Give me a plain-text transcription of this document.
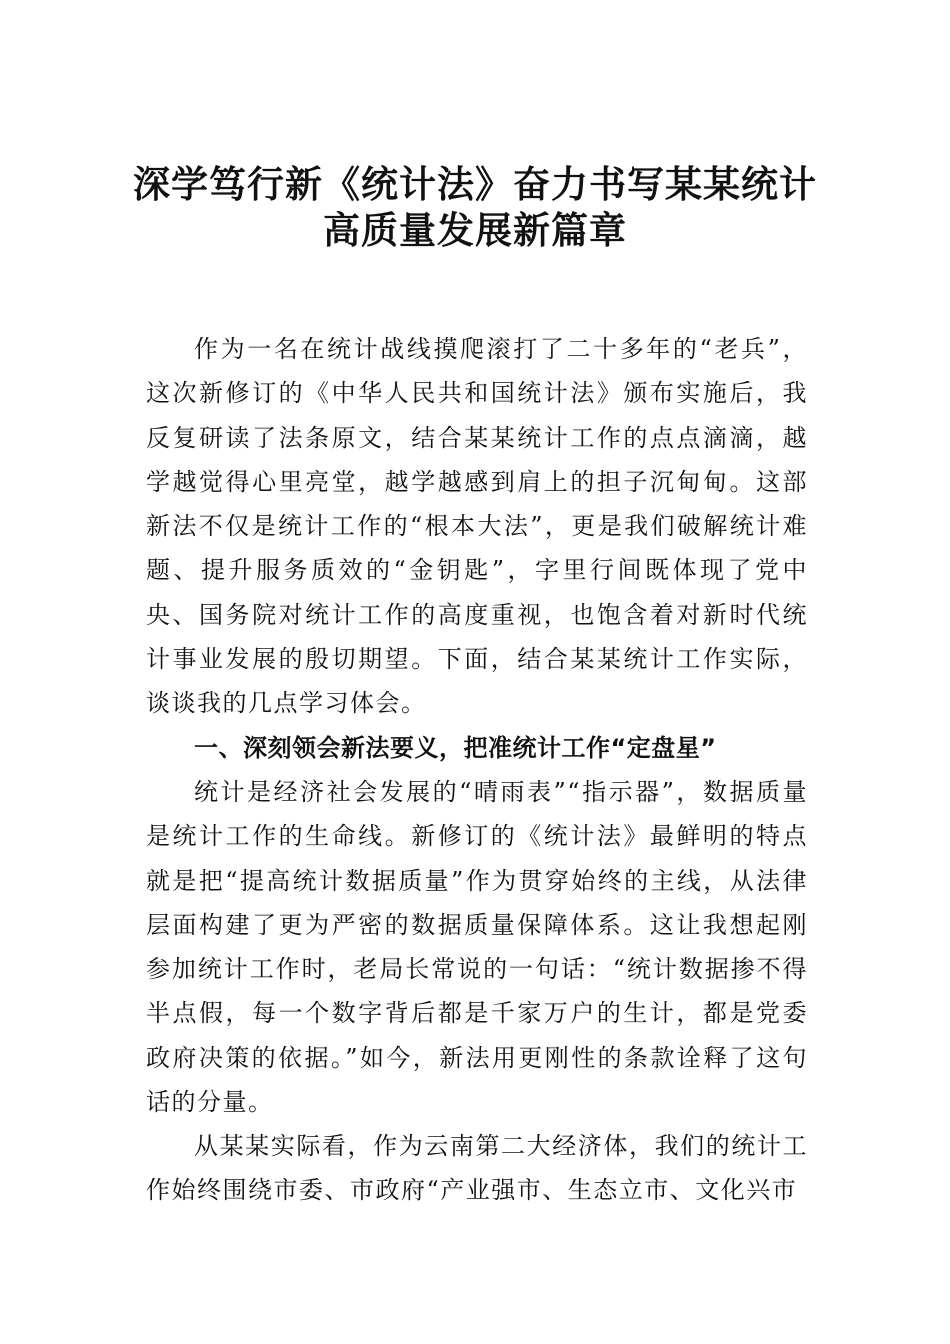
深学笃行新《统计法》奋力书写某某统计
高质量发展新篇章

作为一名在统计战线摸爬滚打了二十多年的“老兵”，这次新修订的《中华人民共和国统计法》颁布实施后，我反复研读了法条原文，结合某某统计工作的点点滴滴，越学越觉得心里亮堂，越学越感到肩上的担子沉甸甸。这部新法不仅是统计工作的“根本大法”，更是我们破解统计难题、提升服务质效的“金钥匙”，字里行间既体现了党中央、国务院对统计工作的高度重视，也饱含着对新时代统计事业发展的殷切期望。下面，结合某某统计工作实际，谈谈我的几点学习体会。

一、深刻领会新法要义，把准统计工作“定盘星”

统计是经济社会发展的“晴雨表”“指示器”，数据质量是统计工作的生命线。新修订的《统计法》最鲜明的特点就是把“提高统计数据质量”作为贯穿始终的主线，从法律层面构建了更为严密的数据质量保障体系。这让我想起刚参加统计工作时，老局长常说的一句话：“统计数据掺不得半点假，每一个数字背后都是千家万户的生计，都是党委政府决策的依据。”如今，新法用更刚性的条款诠释了这句话的分量。

从某某实际看，作为云南第二大经济体，我们的统计工作始终围绕市委、市政府“产业强市、生态立市、文化兴市
